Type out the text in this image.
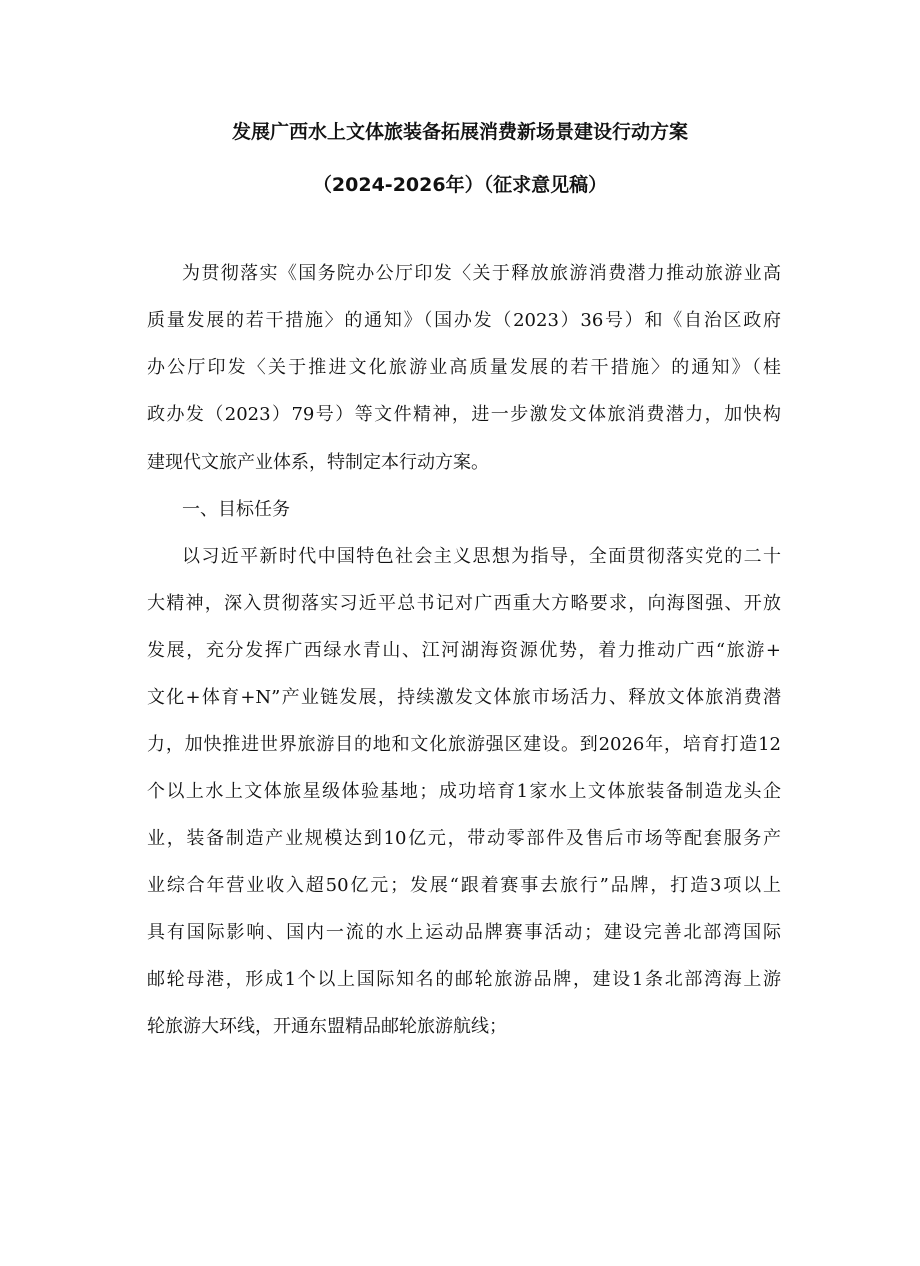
发展广西水上文体旅装备拓展消费新场景建设行动方案
（2024-2026年）（征求意见稿）
为贯彻落实《国务院办公厅印发〈关于释放旅游消费潜力推动旅游业高
质量发展的若干措施〉的通知》（国办发（2023）36号）和《自治区政府
办公厅印发〈关于推进文化旅游业高质量发展的若干措施〉的通知》（桂
政办发（2023）79号）等文件精神，进一步激发文体旅消费潜力，加快构
建现代文旅产业体系，特制定本行动方案。
一、目标任务
以习近平新时代中国特色社会主义思想为指导，全面贯彻落实党的二十
大精神，深入贯彻落实习近平总书记对广西重大方略要求，向海图强、开放
发展，充分发挥广西绿水青山、江河湖海资源优势，着力推动广西“旅游+
文化+体育+N”产业链发展，持续激发文体旅市场活力、释放文体旅消费潜
力，加快推进世界旅游目的地和文化旅游强区建设。到2026年，培育打造12
个以上水上文体旅星级体验基地；成功培育1家水上文体旅装备制造龙头企
业，装备制造产业规模达到10亿元，带动零部件及售后市场等配套服务产
业综合年营业收入超50亿元；发展“跟着赛事去旅行”品牌，打造3项以上
具有国际影响、国内一流的水上运动品牌赛事活动；建设完善北部湾国际
邮轮母港，形成1个以上国际知名的邮轮旅游品牌，建设1条北部湾海上游
轮旅游大环线，开通东盟精品邮轮旅游航线；
